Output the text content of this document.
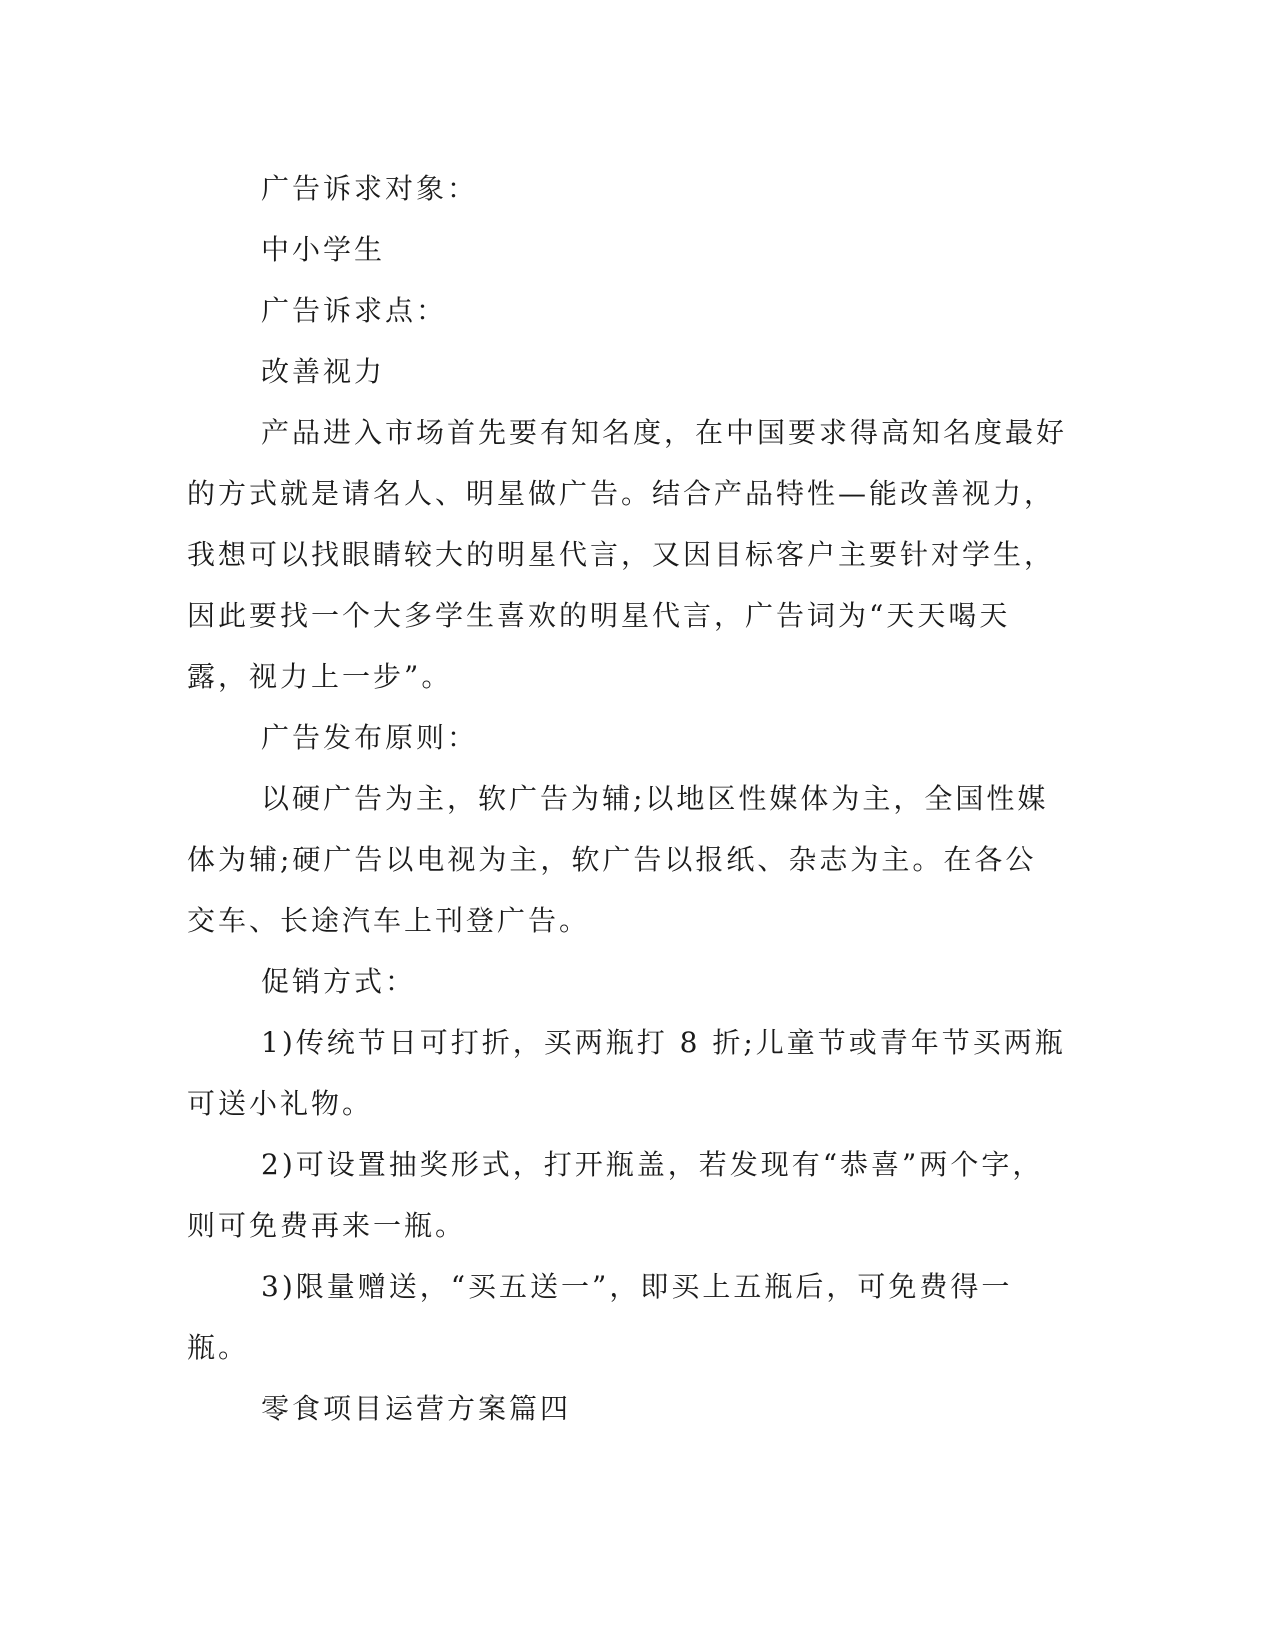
广告诉求对象：

中小学生

广告诉求点：

改善视力

产品进入市场首先要有知名度，在中国要求得高知名度最好的方式就是请名人、明星做广告。结合产品特性—能改善视力，我想可以找眼睛较大的明星代言，又因目标客户主要针对学生，因此要找一个大多学生喜欢的明星代言，广告词为“天天喝天露，视力上一步”。

广告发布原则：

以硬广告为主，软广告为辅;以地区性媒体为主，全国性媒体为辅;硬广告以电视为主，软广告以报纸、杂志为主。在各公交车、长途汽车上刊登广告。

促销方式：

1)传统节日可打折，买两瓶打 8 折;儿童节或青年节买两瓶可送小礼物。

2)可设置抽奖形式，打开瓶盖，若发现有“恭喜”两个字，则可免费再来一瓶。

3)限量赠送，“买五送一”，即买上五瓶后，可免费得一瓶。

零食项目运营方案篇四
